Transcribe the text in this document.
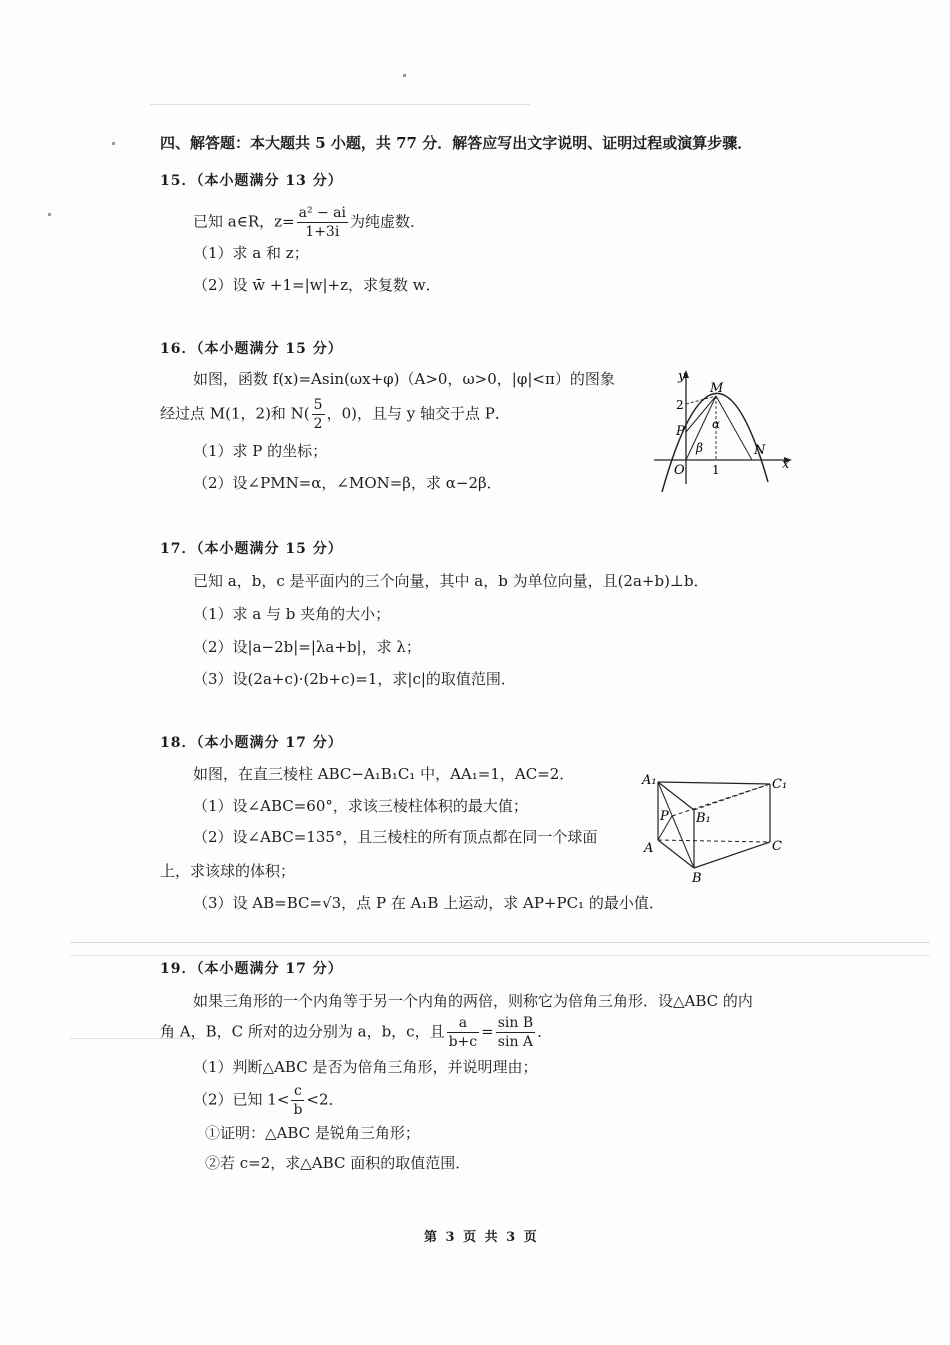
四、解答题：本大题共 5 小题，共 77 分．解答应写出文字说明、证明过程或演算步骤．
15．（本小题满分 13 分）
已知 a∈R，$z= \frac{\text{a² − ai}}{1+3i}$ 为纯虚数．
（1）求 a 和 z；
（2）设 w̄ +1=|w|+z，求复数 w．
16．（本小题满分 15 分）
如图，函数 f(x)=Asin(ωx+φ)（A>0，ω>0，|φ|<π）的图象
经过点 M(1，2)和 $N( \frac{5}{2}$ ，0)，且与 y 轴交于点 P．
（1）求 P 的坐标；
（2）设∠PMN=α，∠MON=β，求 α−2β．
y
x
O
2
1
M
N
P α
β
17．（本小题满分 15 分）
已知 a，b，c 是平面内的三个向量，其中 a，b 为单位向量，且(2a+b)⊥b．
（1）求 a 与 b 夹角的大小；
（2）设|a−2b|=|λa+b|，求 λ；
（3）设(2a+c)·(2b+c)=1，求|c|的取值范围．
18．（本小题满分 17 分）
如图，在直三棱柱 ABC−A₁B₁C₁ 中，AA₁=1，AC=2．
（1）设∠ABC=60°，求该三棱柱体积的最大值；
（2）设∠ABC=135°，且三棱柱的所有顶点都在同一个球面
上，求该球的体积；
（3）设 AB=BC=√3，点 P 在 A₁B 上运动，求 AP+PC₁ 的最小值．
A₁	C₁
B₁
P
A	C
B
19．（本小题满分 17 分）
如果三角形的一个内角等于另一个内角的两倍，则称它为倍角三角形．设△ABC 的内
角 A，B，C 所对的边分别为 a，b，c，且 $\frac{a}{b+c} = \frac{\text{sin B}}{\text{sin A}}$ ．
（1）判断△ABC 是否为倍角三角形，并说明理由；
（2）已知 $1< \frac{c}{b} <2$．
①证明：△ABC 是锐角三角形；
②若 c=2，求△ABC 面积的取值范围．
第 3 页 共 3 页
